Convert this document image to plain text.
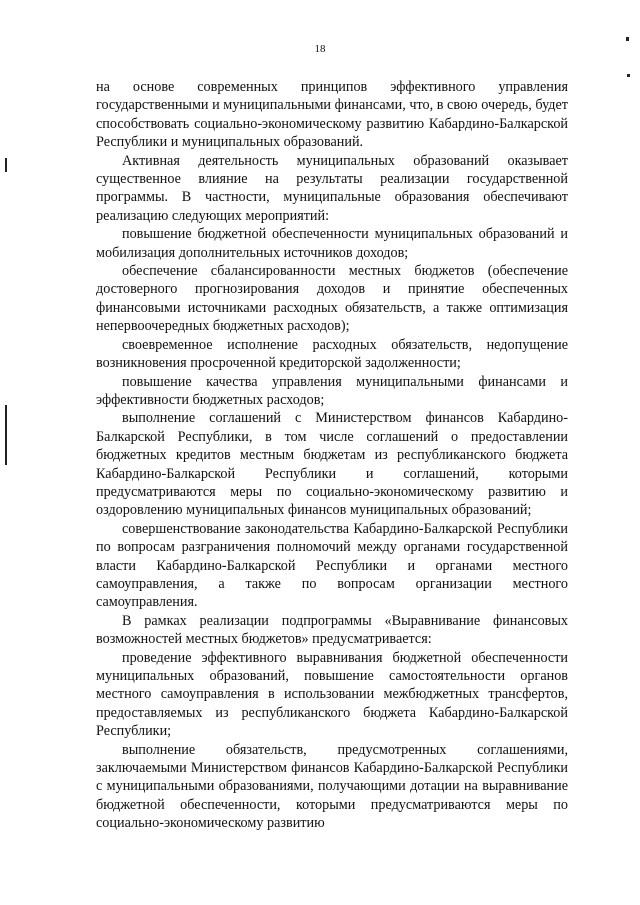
18

на основе современных принципов эффективного управления государственными и муниципальными финансами, что, в свою очередь, будет способствовать социально-экономическому развитию Кабардино-Балкарской Республики и муниципальных образований.

Активная деятельность муниципальных образований оказывает существенное влияние на результаты реализации государственной программы. В частности, муниципальные образования обеспечивают реализацию следующих мероприятий:

повышение бюджетной обеспеченности муниципальных образований и мобилизация дополнительных источников доходов;

обеспечение сбалансированности местных бюджетов (обеспечение достоверного прогнозирования доходов и принятие обеспеченных финансовыми источниками расходных обязательств, а также оптимизация непервоочередных бюджетных расходов);

своевременное исполнение расходных обязательств, недопущение возникновения просроченной кредиторской задолженности;

повышение качества управления муниципальными финансами и эффективности бюджетных расходов;

выполнение соглашений с Министерством финансов Кабардино-Балкарской Республики, в том числе соглашений о предоставлении бюджетных кредитов местным бюджетам из республиканского бюджета Кабардино-Балкарской Республики и соглашений, которыми предусматриваются меры по социально-экономическому развитию и оздоровлению муниципальных финансов муниципальных образований;

совершенствование законодательства Кабардино-Балкарской Республики по вопросам разграничения полномочий между органами государственной власти Кабардино-Балкарской Республики и органами местного самоуправления, а также по вопросам организации местного самоуправления.

В рамках реализации подпрограммы «Выравнивание финансовых возможностей местных бюджетов» предусматривается:

проведение эффективного выравнивания бюджетной обеспеченности муниципальных образований, повышение самостоятельности органов местного самоуправления в использовании межбюджетных трансфертов, предоставляемых из республиканского бюджета Кабардино-Балкарской Республики;

выполнение обязательств, предусмотренных соглашениями, заключаемыми Министерством финансов Кабардино-Балкарской Республики с муниципальными образованиями, получающими дотации на выравнивание бюджетной обеспеченности, которыми предусматриваются меры по социально-экономическому развитию
